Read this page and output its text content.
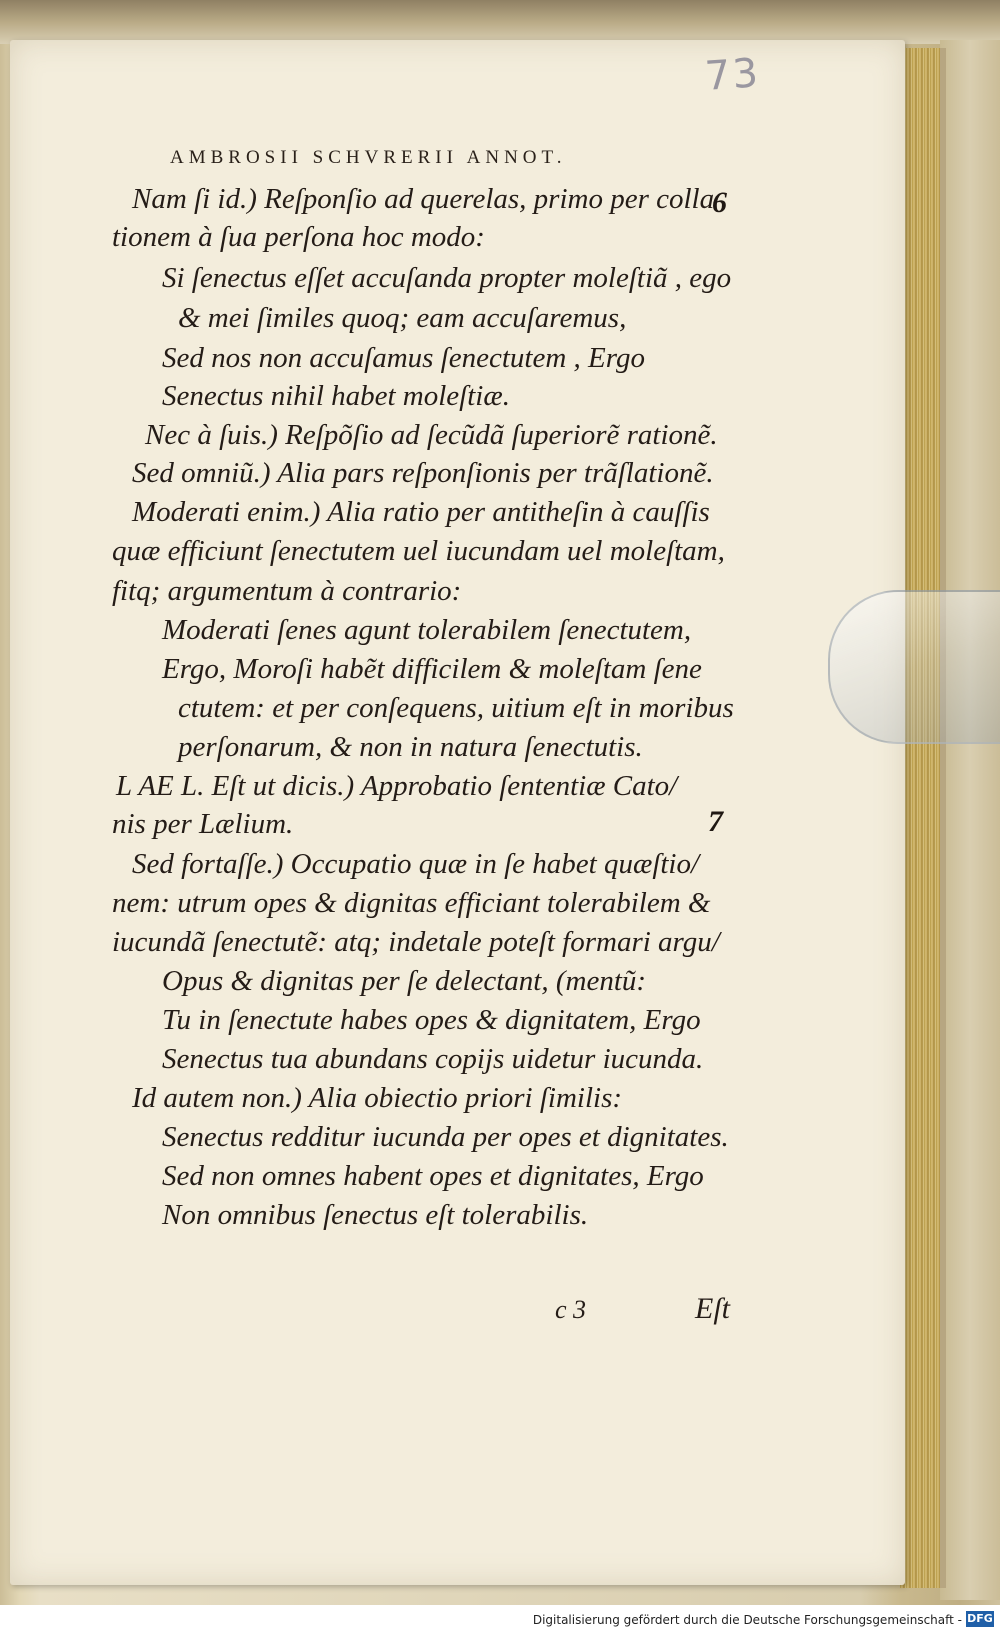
73
AMBROSII SCHVRERII ANNOT.
6
7
Nam ſi id.) Reſponſio ad querelas, primo per colla
tionem à ſua perſona hoc modo:
Si ſenectus eſſet accuſanda propter moleſtiã , ego
& mei ſimiles quoq; eam accuſaremus,
Sed nos non accuſamus ſenectutem , Ergo
Senectus nihil habet moleſtiæ.
Nec à ſuis.) Reſpõſio ad ſecũdã ſuperiorẽ rationẽ.
Sed omniũ.) Alia pars reſponſionis per trãſlationẽ.
Moderati enim.) Alia ratio per antitheſin à cauſſis
quæ efficiunt ſenectutem uel iucundam uel moleſtam,
fitq; argumentum à contrario:
Moderati ſenes agunt tolerabilem ſenectutem,
Ergo, Moroſi habẽt difficilem & moleſtam ſene
ctutem: et per conſequens, uitium eſt in moribus
perſonarum, & non in natura ſenectutis.
L AE L. Eſt ut dicis.) Approbatio ſententiæ Cato/
nis per Lælium.
Sed fortaſſe.) Occupatio quæ in ſe habet quæſtio/
nem: utrum opes & dignitas efficiant tolerabilem &
iucundã ſenectutẽ: atq; indetale poteſt formari argu/
Opus & dignitas per ſe delectant, (mentũ:
Tu in ſenectute habes opes & dignitatem, Ergo
Senectus tua abundans copijs uidetur iucunda.
Id autem non.) Alia obiectio priori ſimilis:
Senectus redditur iucunda per opes et dignitates.
Sed non omnes habent opes et dignitates, Ergo
Non omnibus ſenectus eſt tolerabilis.
c 3	Eſt
Digitalisierung gefördert durch die Deutsche Forschungsgemeinschaft - DFG
